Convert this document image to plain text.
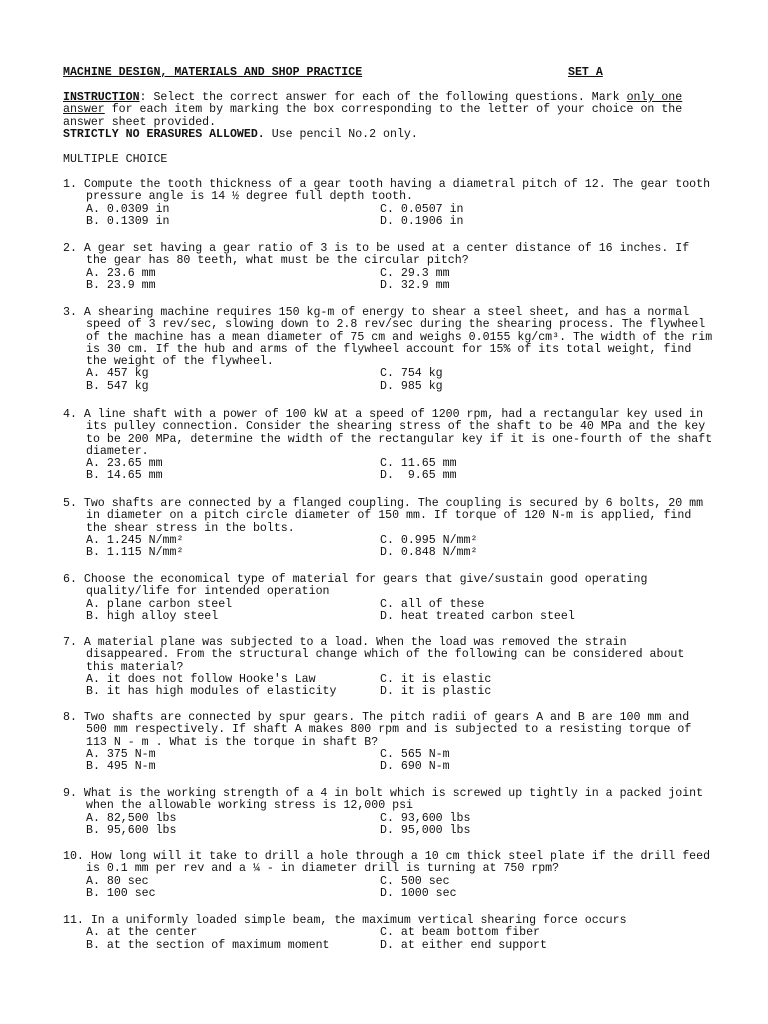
MACHINE DESIGN, MATERIALS AND SHOP PRACTICE	SET A
INSTRUCTION: Select the correct answer for each of the following questions. Mark only one answer for each item by marking the box corresponding to the letter of your choice on the answer sheet provided.
STRICTLY NO ERASURES ALLOWED. Use pencil No.2 only.
MULTIPLE CHOICE
1. Compute the tooth thickness of a gear tooth having a diametral pitch of 12. The gear tooth pressure angle is 14 ½ degree full depth tooth.
A. 0.0309 in	C. 0.0507 in
B. 0.1309 in	D. 0.1906 in
2. A gear set having a gear ratio of 3 is to be used at a center distance of 16 inches. If the gear has 80 teeth, what must be the circular pitch?
A. 23.6 mm	C. 29.3 mm
B. 23.9 mm	D. 32.9 mm
3. A shearing machine requires 150 kg-m of energy to shear a steel sheet, and has a normal speed of 3 rev/sec, slowing down to 2.8 rev/sec during the shearing process. The flywheel of the machine has a mean diameter of 75 cm and weighs 0.0155 kg/cm³. The width of the rim is 30 cm. If the hub and arms of the flywheel account for 15% of its total weight, find the weight of the flywheel.
A. 457 kg	C. 754 kg
B. 547 kg	D. 985 kg
4. A line shaft with a power of 100 kW at a speed of 1200 rpm, had a rectangular key used in its pulley connection. Consider the shearing stress of the shaft to be 40 MPa and the key to be 200 MPa, determine the width of the rectangular key if it is one-fourth of the shaft diameter.
A. 23.65 mm	C. 11.65 mm
B. 14.65 mm	D.  9.65 mm
5. Two shafts are connected by a flanged coupling. The coupling is secured by 6 bolts, 20 mm in diameter on a pitch circle diameter of 150 mm. If torque of 120 N-m is applied, find the shear stress in the bolts.
A. 1.245 N/mm²	C. 0.995 N/mm²
B. 1.115 N/mm²	D. 0.848 N/mm²
6. Choose the economical type of material for gears that give/sustain good operating quality/life for intended operation
A. plane carbon steel	C. all of these
B. high alloy steel	D. heat treated carbon steel
7. A material plane was subjected to a load. When the load was removed the strain disappeared. From the structural change which of the following can be considered about this material?
A. it does not follow Hooke's Law	C. it is elastic
B. it has high modules of elasticity	D. it is plastic
8. Two shafts are connected by spur gears. The pitch radii of gears A and B are 100 mm and 500 mm respectively. If shaft A makes 800 rpm and is subjected to a resisting torque of 113 N - m . What is the torque in shaft B?
A. 375 N-m	C. 565 N-m
B. 495 N-m	D. 690 N-m
9. What is the working strength of a 4 in bolt which is screwed up tightly in a packed joint when the allowable working stress is 12,000 psi
A. 82,500 lbs	C. 93,600 lbs
B. 95,600 lbs	D. 95,000 lbs
10. How long will it take to drill a hole through a 10 cm thick steel plate if the drill feed is 0.1 mm per rev and a ¼ - in diameter drill is turning at 750 rpm?
A. 80 sec	C. 500 sec
B. 100 sec	D. 1000 sec
11. In a uniformly loaded simple beam, the maximum vertical shearing force occurs
A. at the center	C. at beam bottom fiber
B. at the section of maximum moment	D. at either end support
